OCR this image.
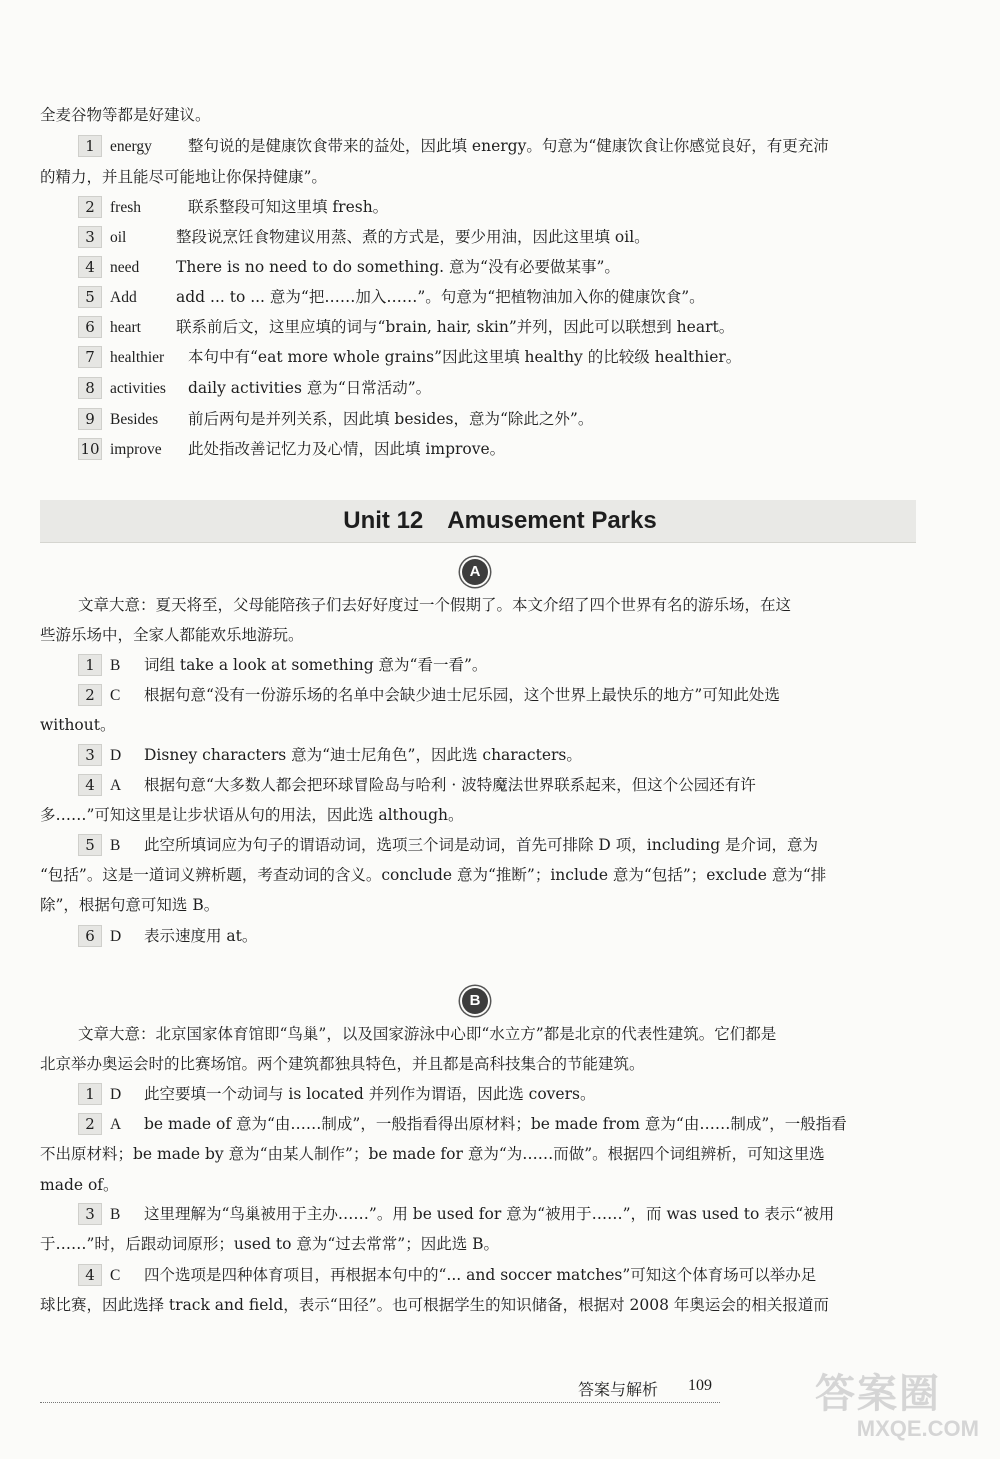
全麦谷物等都是好建议。
1 energy 整句说的是健康饮食带来的益处，因此填 energy。句意为“健康饮食让你感觉良好，有更充沛
的精力，并且能尽可能地让你保持健康”。
2 fresh	联系整段可知这里填 fresh。
3 oil	整段说烹饪食物建议用蒸、煮的方式是，要少用油，因此这里填 oil。
4 need There is no need to do something. 意为“没有必要做某事”。
5 Add	add ... to ... 意为“把……加入……”。句意为“把植物油加入你的健康饮食”。
6 heart 联系前后文，这里应填的词与“brain, hair, skin”并列，因此可以联想到 heart。
7 healthier 本句中有“eat more whole grains”因此这里填 healthy 的比较级 healthier。
8 activities daily activities 意为“日常活动”。
9 Besides 前后两句是并列关系，因此填 besides，意为“除此之外”。
10 improve 此处指改善记忆力及心情，因此填 improve。
Unit 12　Amusement Parks
A
文章大意：夏天将至，父母能陪孩子们去好好度过一个假期了。本文介绍了四个世界有名的游乐场，在这
些游乐场中，全家人都能欢乐地游玩。
1 B 词组 take a look at something 意为“看一看”。
2 C 根据句意“没有一份游乐场的名单中会缺少迪士尼乐园，这个世界上最快乐的地方”可知此处选
without。
3 D Disney characters 意为“迪士尼角色”，因此选 characters。
4 A 根据句意“大多数人都会把环球冒险岛与哈利 · 波特魔法世界联系起来，但这个公园还有许
多……”可知这里是让步状语从句的用法，因此选 although。
5 B 此空所填词应为句子的谓语动词，选项三个词是动词，首先可排除 D 项，including 是介词，意为
“包括”。这是一道词义辨析题，考查动词的含义。conclude 意为“推断”；include 意为“包括”；exclude 意为“排
除”，根据句意可知选 B。
6 D 表示速度用 at。
B
文章大意：北京国家体育馆即“鸟巢”，以及国家游泳中心即“水立方”都是北京的代表性建筑。它们都是
北京举办奥运会时的比赛场馆。两个建筑都独具特色，并且都是高科技集合的节能建筑。
1 D 此空要填一个动词与 is located 并列作为谓语，因此选 covers。
2 A be made of 意为“由……制成”，一般指看得出原材料；be made from 意为“由……制成”，一般指看
不出原材料；be made by 意为“由某人制作”；be made for 意为“为……而做”。根据四个词组辨析，可知这里选
made of。
3 B 这里理解为“鸟巢被用于主办……”。用 be used for 意为“被用于……”，而 was used to 表示“被用
于……”时，后跟动词原形；used to 意为“过去常常”；因此选 B。
4 C 四个选项是四种体育项目，再根据本句中的“... and soccer matches”可知这个体育场可以举办足
球比赛，因此选择 track and field，表示“田径”。也可根据学生的知识储备，根据对 2008 年奥运会的相关报道而
答案与解析 109	答案圈
MXQE.COM
